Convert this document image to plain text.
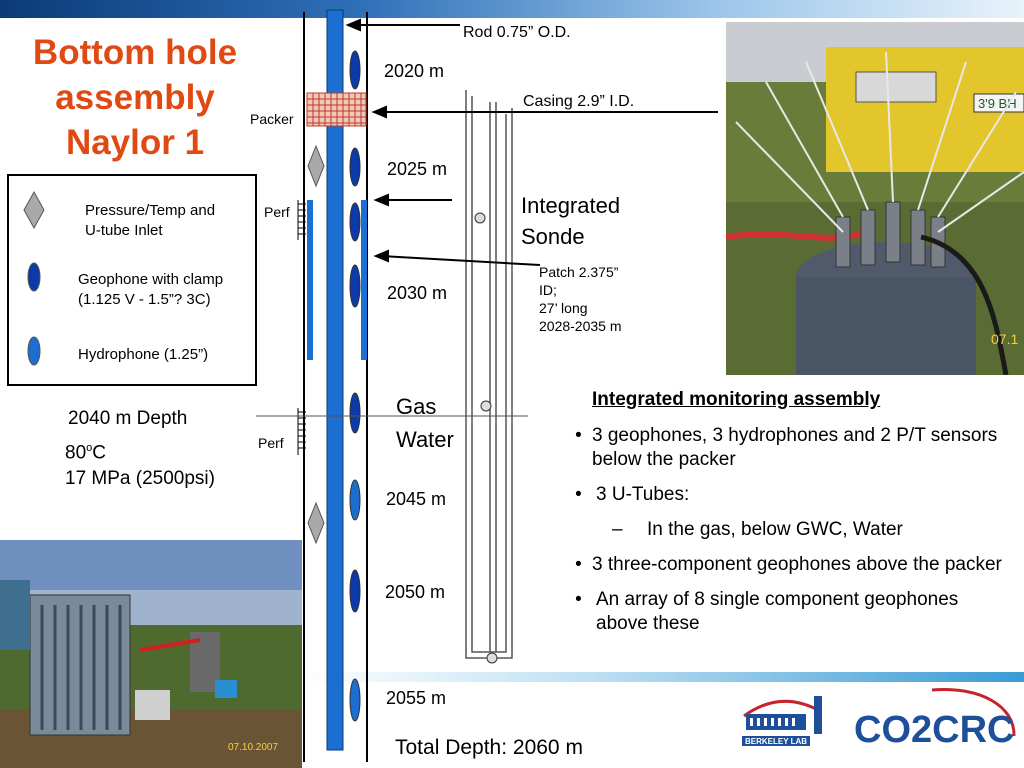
Bottom hole
assembly
Naylor 1
Pressure/Temp and
U-tube Inlet
Geophone with clamp
(1.125 V - 1.5”? 3C)
Hydrophone (1.25”)
2040 m Depth
80$^o$C
17 MPa (2500psi)
Rod 0.75” O.D.
Casing 2.9” I.D.
Packer
Perf
Perf
Integrated
Sonde
Patch 2.375”
ID;
27’ long
2028-2035 m
Gas
Water
2020 m
2025 m
2030 m
2045 m
2050 m
2055 m
Total Depth: 2060 m
Integrated monitoring assembly
• 3 geophones, 3 hydrophones and 2 P/T sensors below the packer
• 3 U-Tubes:
–	In the gas, below GWC, Water
• 3 three-component geophones above the packer
• An array of 8 single component geophones above these
3'9 BH
07.1
07.10.2007
BERKELEY LAB CO2CRC
